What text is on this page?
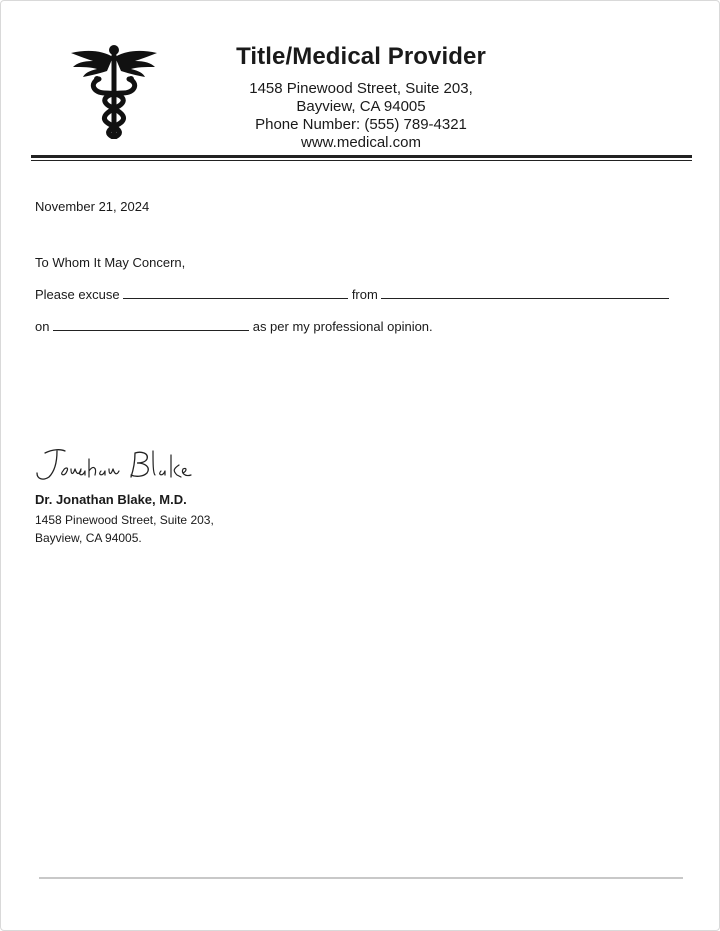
Title/Medical Provider
1458 Pinewood Street, Suite 203,
Bayview, CA 94005
Phone Number: (555) 789-4321
www.medical.com
November 21, 2024
To Whom It May Concern,
Please excuse	from
on	as per my professional opinion.
Dr. Jonathan Blake, M.D.
1458 Pinewood Street, Suite 203,
Bayview, CA 94005.
